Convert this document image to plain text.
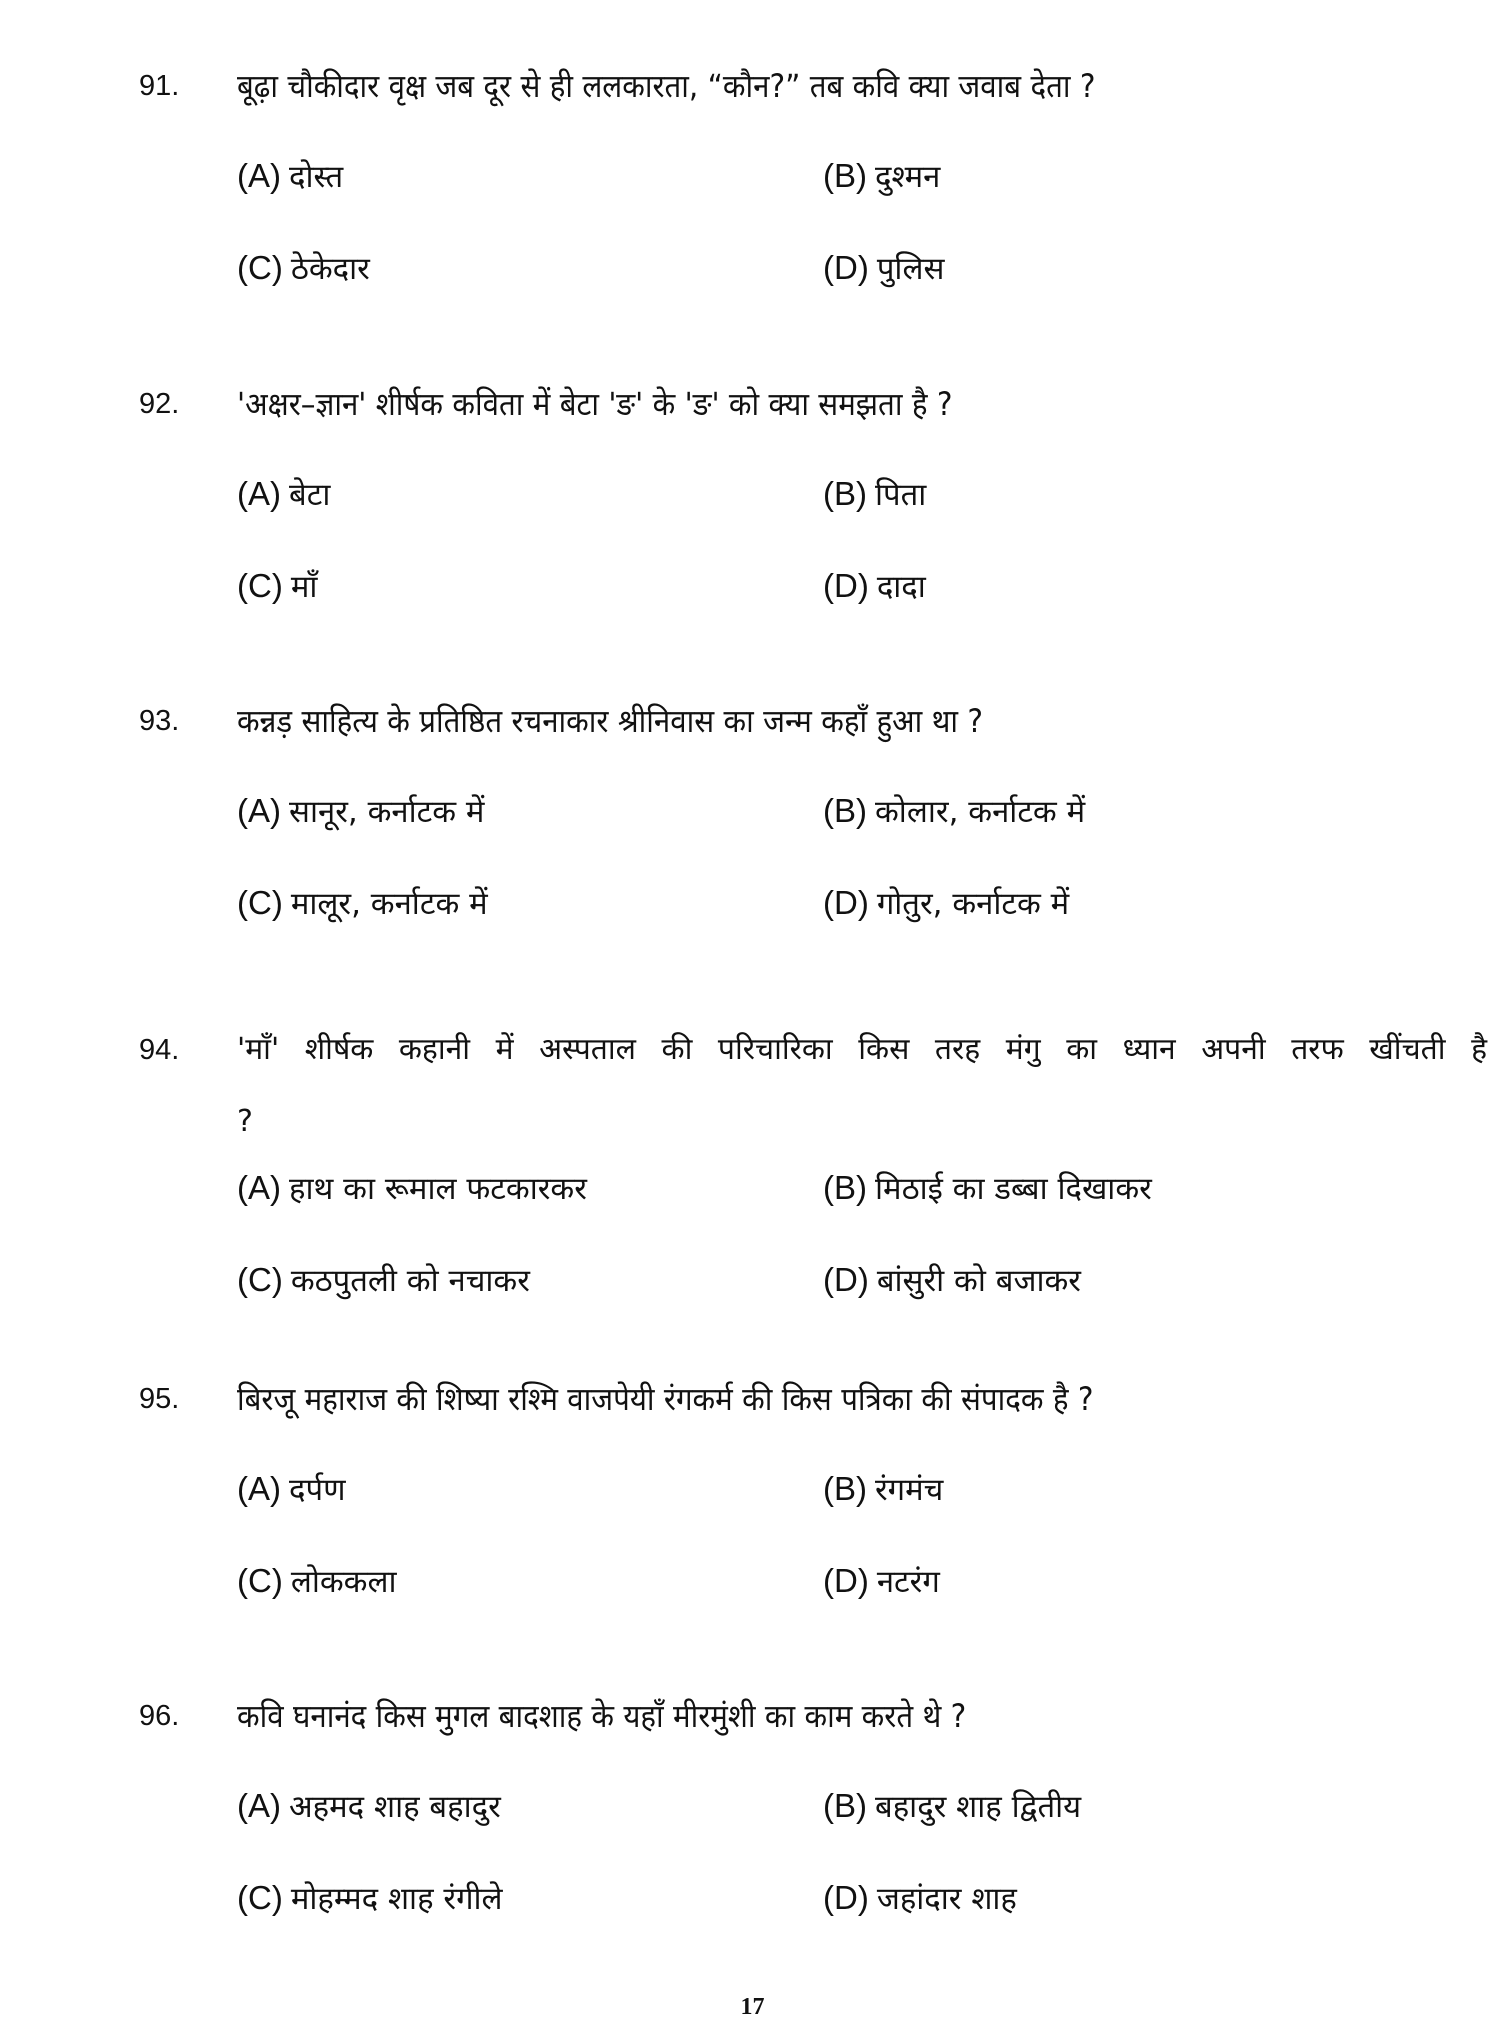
91. बूढ़ा चौकीदार वृक्ष जब दूर से ही ललकारता, “कौन?” तब कवि क्या जवाब देता ?
(A) दोस्त	(B) दुश्मन
(C) ठेकेदार	(D) पुलिस
92. 'अक्षर–ज्ञान' शीर्षक कविता में बेटा 'ङ' के 'ङ' को क्या समझता है ?
(A) बेटा	(B) पिता
(C) माँ	(D) दादा
93. कन्नड़ साहित्य के प्रतिष्ठित रचनाकार श्रीनिवास का जन्म कहाँ हुआ था ?
(A) सानूर, कर्नाटक में	(B) कोलार, कर्नाटक में
(C) मालूर, कर्नाटक में	(D) गोतुर, कर्नाटक में
94. 'माँ' शीर्षक कहानी में अस्पताल की परिचारिका किस तरह मंगु का ध्यान अपनी तरफ खींचती है ?
(A) हाथ का रूमाल फटकारकर	(B) मिठाई का डब्बा दिखाकर
(C) कठपुतली को नचाकर	(D) बांसुरी को बजाकर
95. बिरजू महाराज की शिष्या रश्मि वाजपेयी रंगकर्म की किस पत्रिका की संपादक है ?
(A) दर्पण	(B) रंगमंच
(C) लोककला	(D) नटरंग
96. कवि घनानंद किस मुगल बादशाह के यहाँ मीरमुंशी का काम करते थे ?
(A) अहमद शाह बहादुर	(B) बहादुर शाह द्वितीय
(C) मोहम्मद शाह रंगीले	(D) जहांदार शाह
17
